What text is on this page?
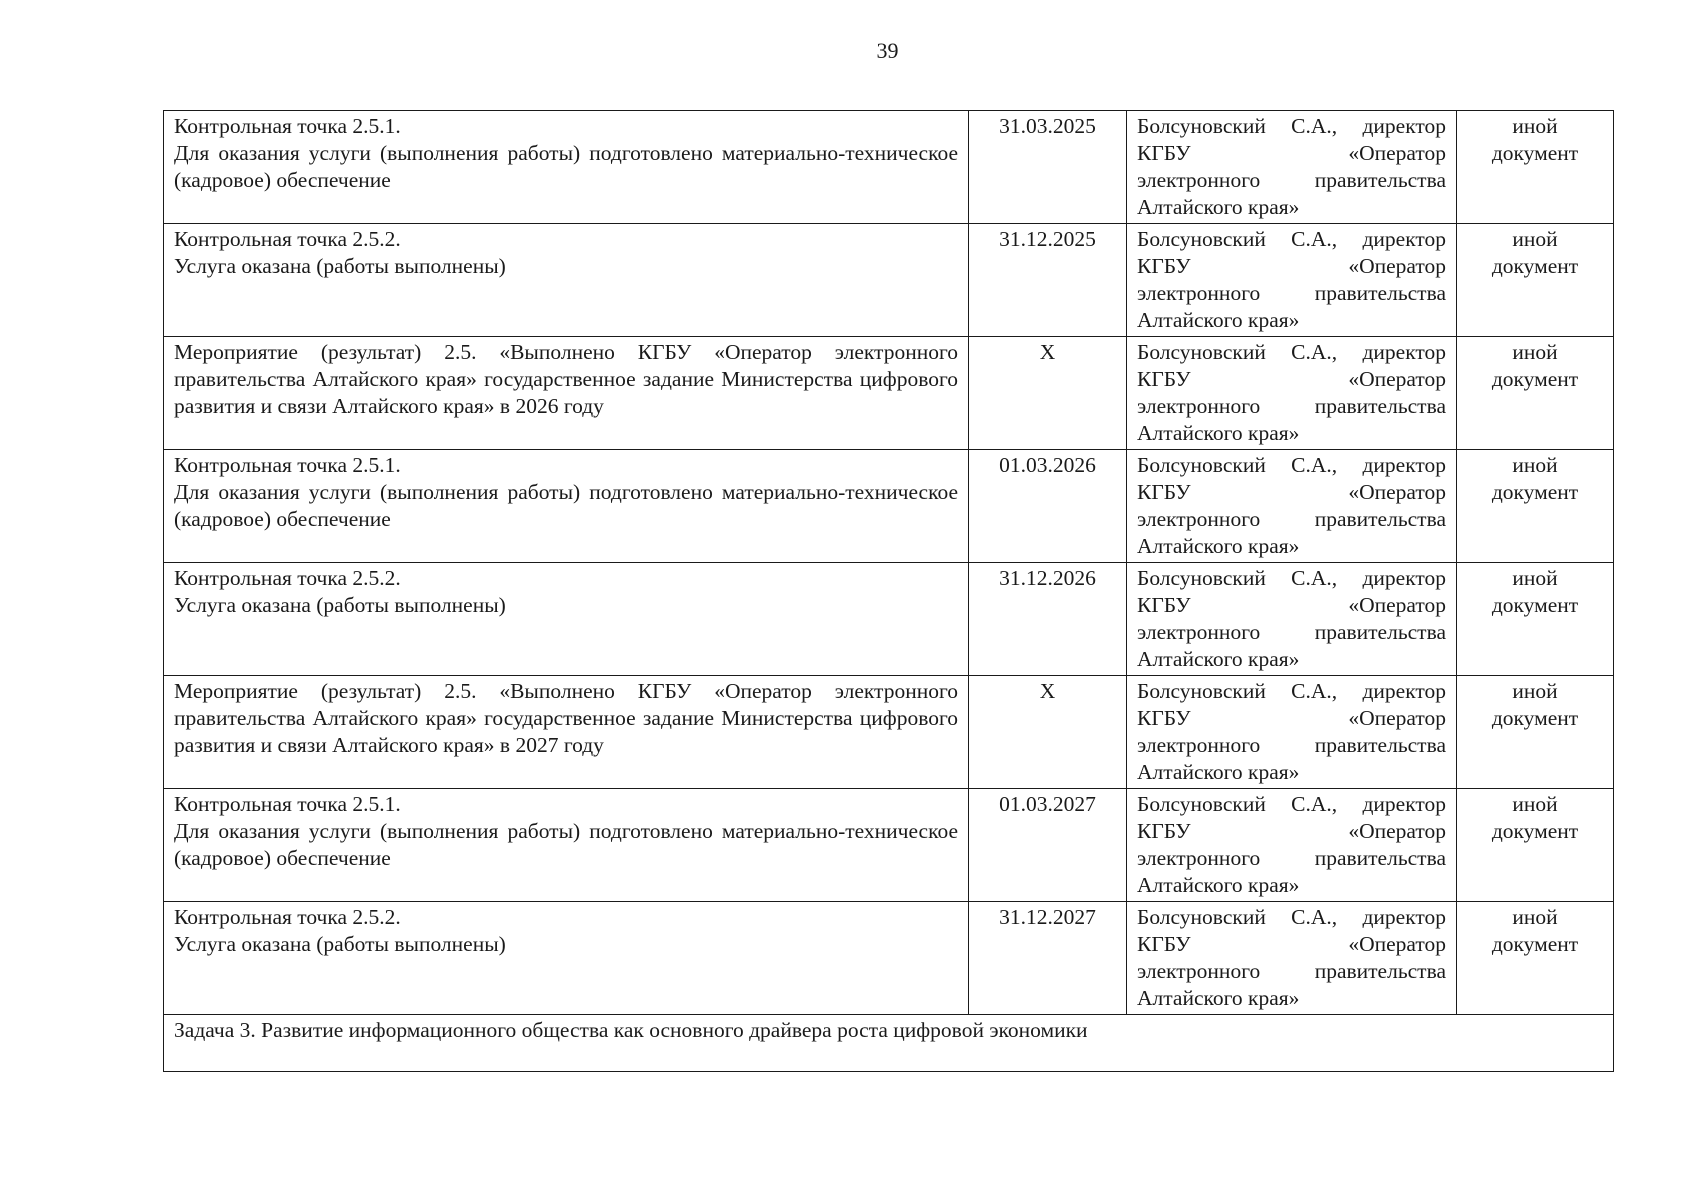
39
Контрольная точка 2.5.1.
Для оказания услуги (выполнения работы) подготовлено материально-техническое (кадровое) обеспечение	31.03.2025	Болсуновский С.А., директор
КГБУ «Оператор
электронного правительства
Алтайского края»	иной
документ

Контрольная точка 2.5.2.
Услуга оказана (работы выполнены)	31.12.2025	Болсуновский С.А., директор
КГБУ «Оператор
электронного правительства
Алтайского края»	иной
документ

Мероприятие (результат) 2.5. «Выполнено КГБУ «Оператор электронного правительства Алтайского края» государственное задание Министерства цифрового развития и связи Алтайского края» в 2026 году	X	Болсуновский С.А., директор
КГБУ «Оператор
электронного правительства
Алтайского края»	иной
документ

Контрольная точка 2.5.1.
Для оказания услуги (выполнения работы) подготовлено материально-техническое (кадровое) обеспечение	01.03.2026	Болсуновский С.А., директор
КГБУ «Оператор
электронного правительства
Алтайского края»	иной
документ

Контрольная точка 2.5.2.
Услуга оказана (работы выполнены)	31.12.2026	Болсуновский С.А., директор
КГБУ «Оператор
электронного правительства
Алтайского края»	иной
документ

Мероприятие (результат) 2.5. «Выполнено КГБУ «Оператор электронного правительства Алтайского края» государственное задание Министерства цифрового развития и связи Алтайского края» в 2027 году	X	Болсуновский С.А., директор
КГБУ «Оператор
электронного правительства
Алтайского края»	иной
документ

Контрольная точка 2.5.1.
Для оказания услуги (выполнения работы) подготовлено материально-техническое (кадровое) обеспечение	01.03.2027	Болсуновский С.А., директор
КГБУ «Оператор
электронного правительства
Алтайского края»	иной
документ

Контрольная точка 2.5.2.
Услуга оказана (работы выполнены)	31.12.2027	Болсуновский С.А., директор
КГБУ «Оператор
электронного правительства
Алтайского края»	иной
документ

Задача 3. Развитие информационного общества как основного драйвера роста цифровой экономики			
